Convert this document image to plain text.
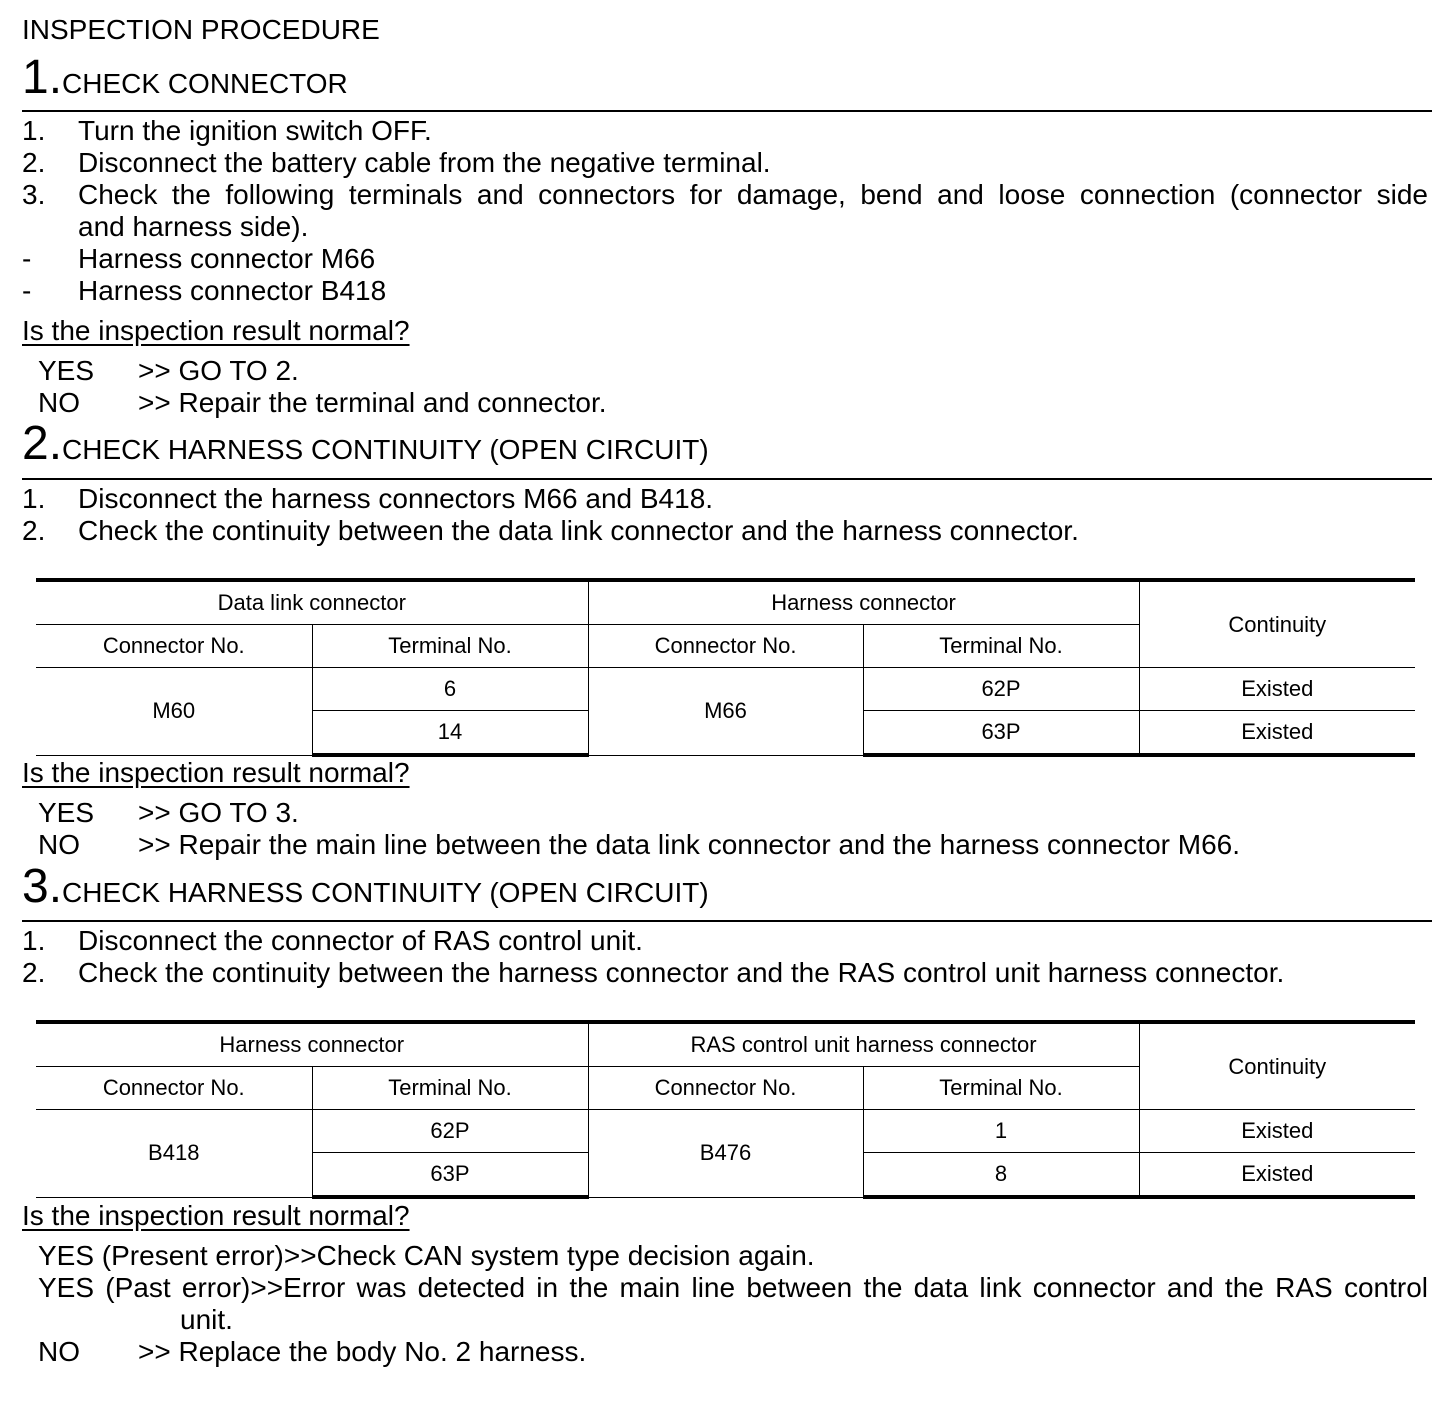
INSPECTION PROCEDURE
1.CHECK CONNECTOR
1. Turn the ignition switch OFF.
2. Disconnect the battery cable from the negative terminal.
3. Check the following terminals and connectors for damage, bend and loose connection (connector side
and harness side).
- Harness connector M66
- Harness connector B418
Is the inspection result normal?
YES >> GO TO 2.
NO >> Repair the terminal and connector.
2.CHECK HARNESS CONTINUITY (OPEN CIRCUIT)
1. Disconnect the harness connectors M66 and B418.
2. Check the continuity between the data link connector and the harness connector.
Data link connector		Harness connector		Continuity
Connector No.	Terminal No.	Connector No.	Terminal No.	
M60	6	M66	62P	Existed
	14		63P	Existed
Is the inspection result normal?
YES >> GO TO 3.
NO >> Repair the main line between the data link connector and the harness connector M66.
3.CHECK HARNESS CONTINUITY (OPEN CIRCUIT)
1. Disconnect the connector of RAS control unit.
2. Check the continuity between the harness connector and the RAS control unit harness connector.
Harness connector		RAS control unit harness connector		Continuity
Connector No.	Terminal No.	Connector No.	Terminal No.	
B418	62P	B476	1	Existed
	63P		8	Existed
Is the inspection result normal?
YES (Present error)>>Check CAN system type decision again.
YES (Past error)>>Error was detected in the main line between the data link connector and the RAS control
unit.
NO >> Replace the body No. 2 harness.
